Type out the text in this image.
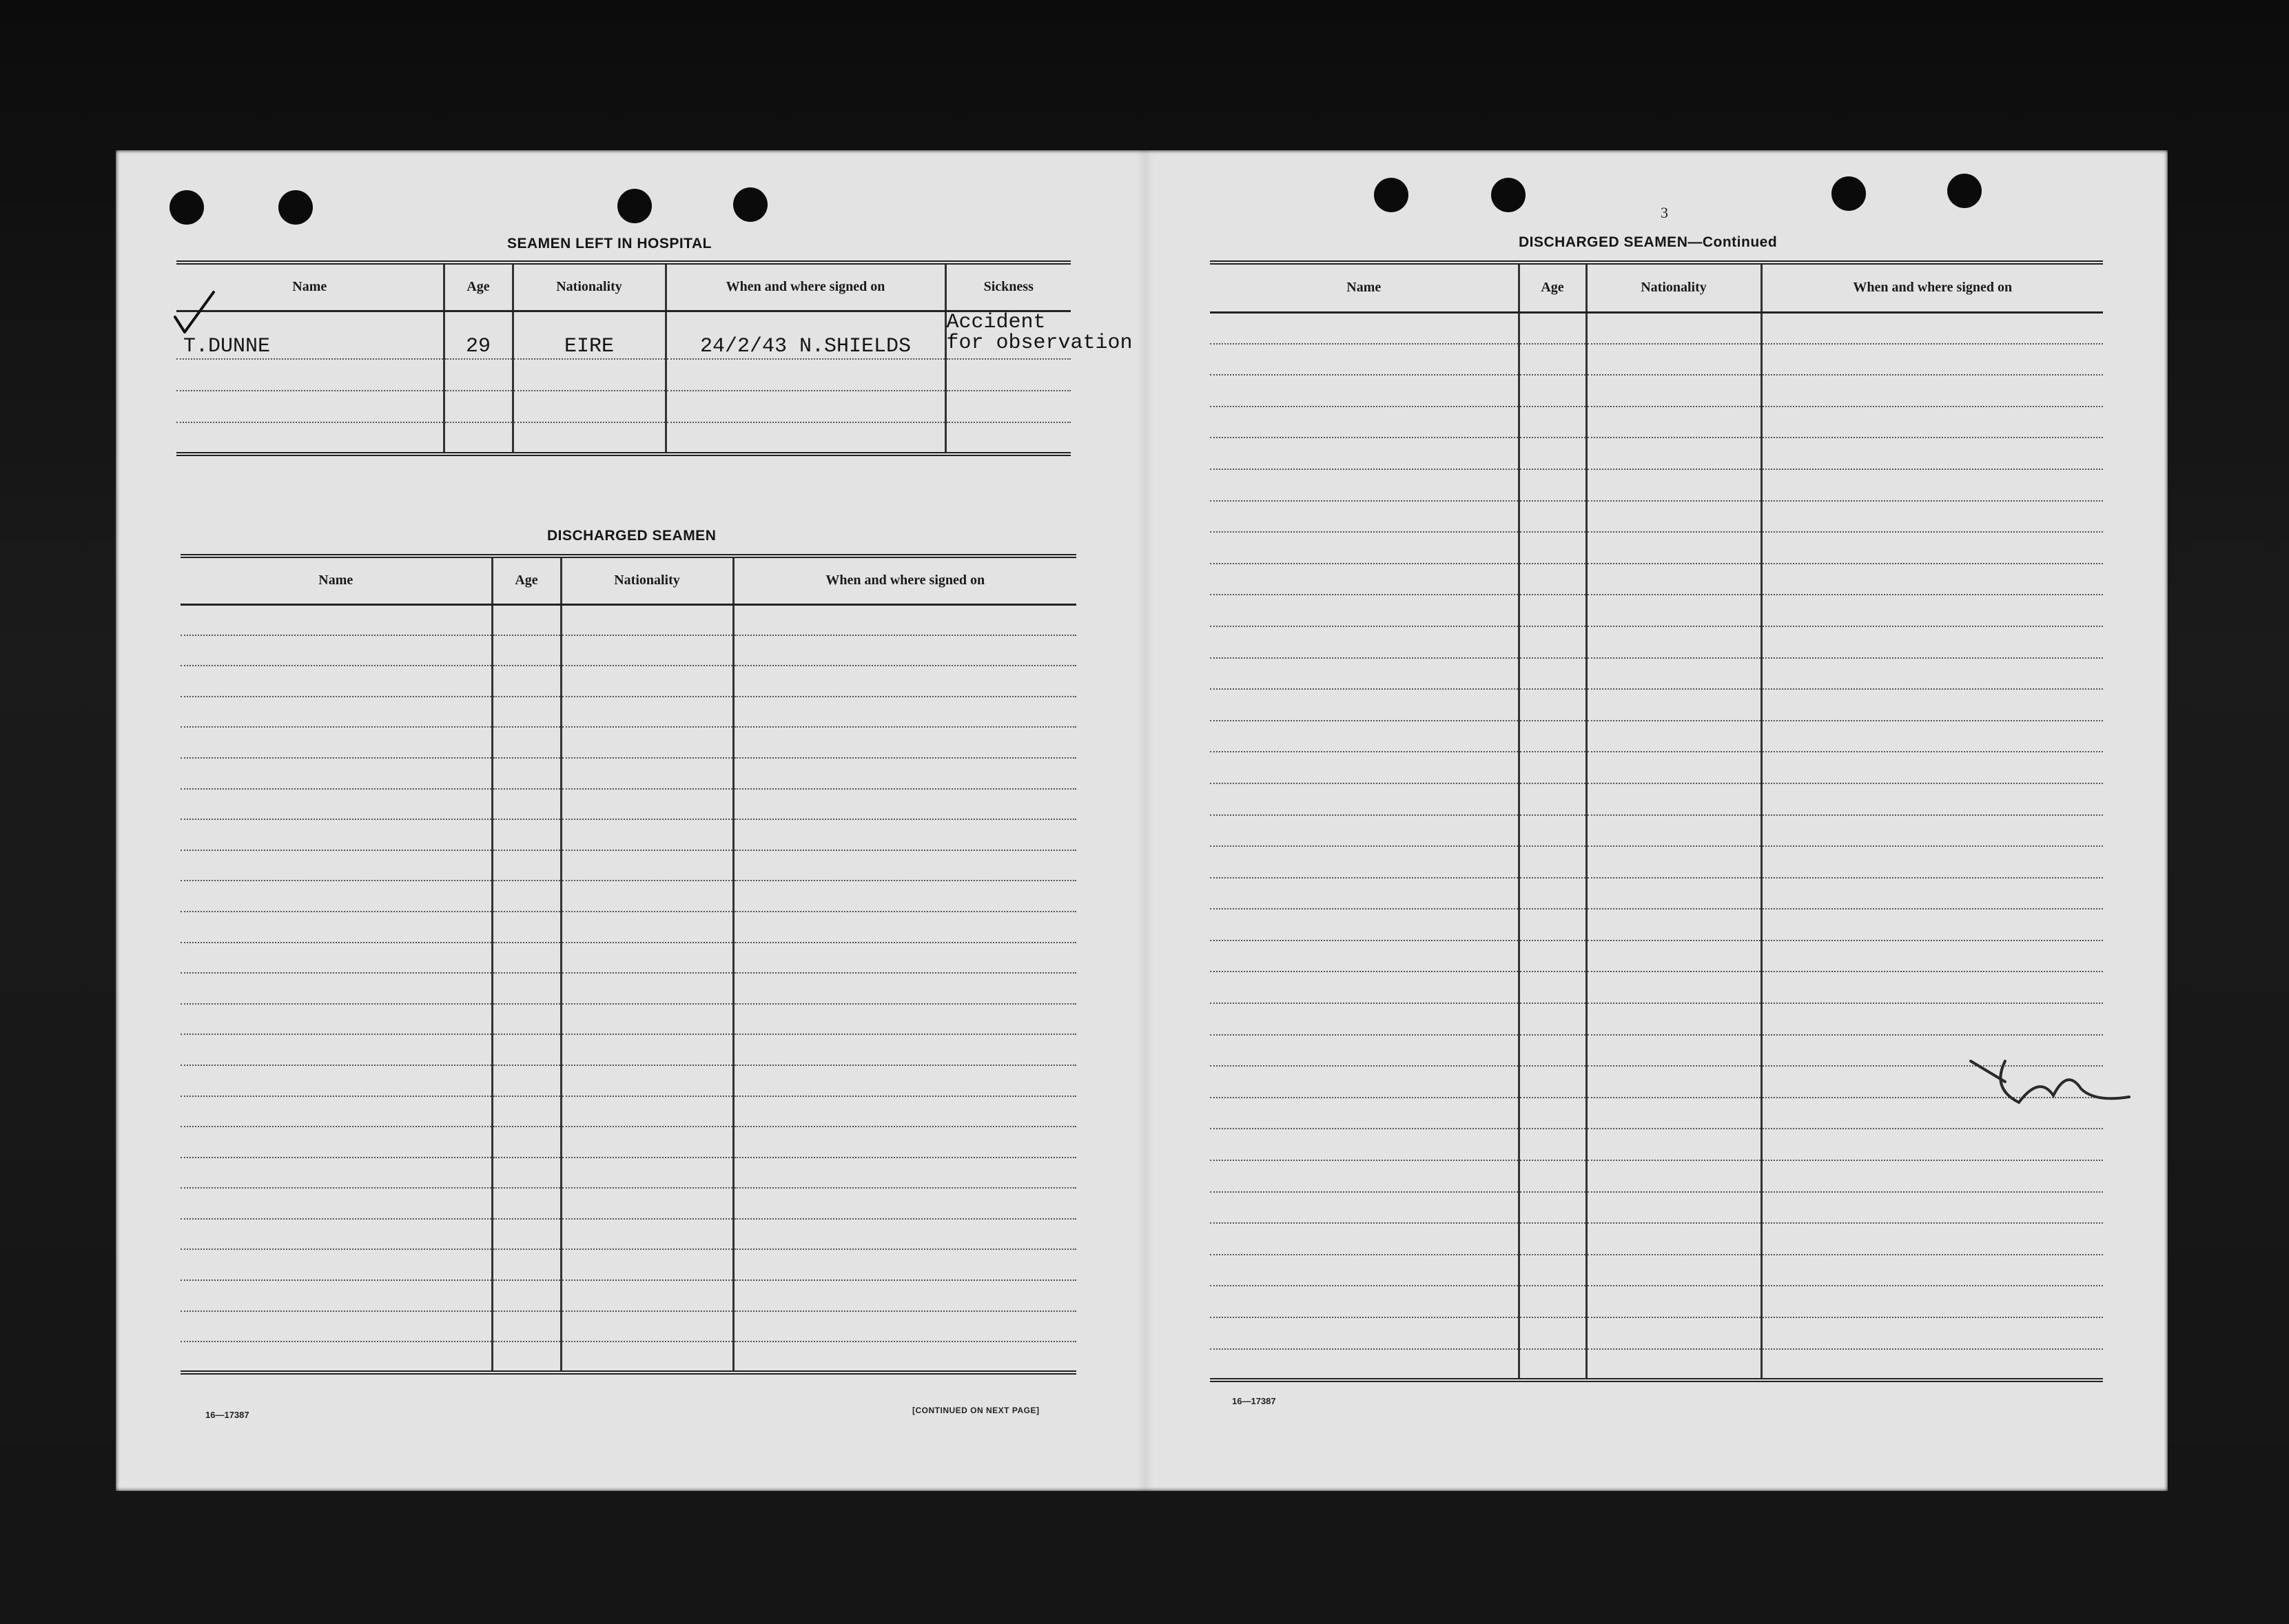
3
SEAMEN LEFT IN HOSPITAL
Name	Age	Nationality	When and where signed on	Sickness
T.DUNNE	29	EIRE	24/2/43 N.SHIELDS	Accident
for observation

DISCHARGED SEAMEN
Name	Age	Nationality	When and where signed on

16—17387	[CONTINUED ON NEXT PAGE]
DISCHARGED SEAMEN—Continued
Name	Age	Nationality	When and where signed on

16—17387
